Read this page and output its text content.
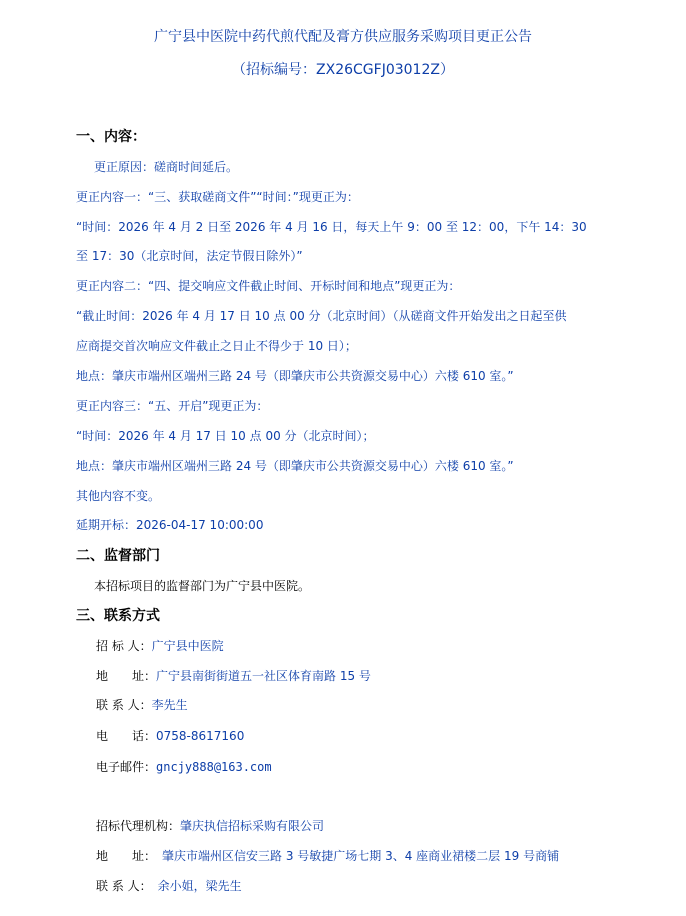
广宁县中医院中药代煎代配及膏方供应服务采购项目更正公告
（招标编号：ZX26CGFJ03012Z）
一、内容：
更正原因：磋商时间延后。
更正内容一：“三、获取磋商文件”“时间：”现更正为：
“时间：2026 年 4 月 2 日至 2026 年 4 月 16 日，每天上午 9：00 至 12：00，下午 14：30
至 17：30（北京时间，法定节假日除外）”
更正内容二：“四、提交响应文件截止时间、开标时间和地点”现更正为：
“截止时间：2026 年 4 月 17 日 10 点 00 分（北京时间）（从磋商文件开始发出之日起至供
应商提交首次响应文件截止之日止不得少于 10 日）；
地点：肇庆市端州区端州三路 24 号（即肇庆市公共资源交易中心）六楼 610 室。”
更正内容三：“五、开启”现更正为：
“时间：2026 年 4 月 17 日 10 点 00 分（北京时间）；
地点：肇庆市端州区端州三路 24 号（即肇庆市公共资源交易中心）六楼 610 室。”
其他内容不变。
延期开标：2026-04-17 10:00:00
二、监督部门
本招标项目的监督部门为广宁县中医院。
三、联系方式
招 标 人：广宁县中医院
地　　址：广宁县南街街道五一社区体育南路 15 号
联 系 人：李先生
电　　话：0758-8617160
电子邮件：gncjy888@163.com
招标代理机构：肇庆执信招标采购有限公司
地　　址：　肇庆市端州区信安三路 3 号敏捷广场七期 3、4 座商业裙楼二层 19 号商铺
联 系 人：　余小姐，梁先生
